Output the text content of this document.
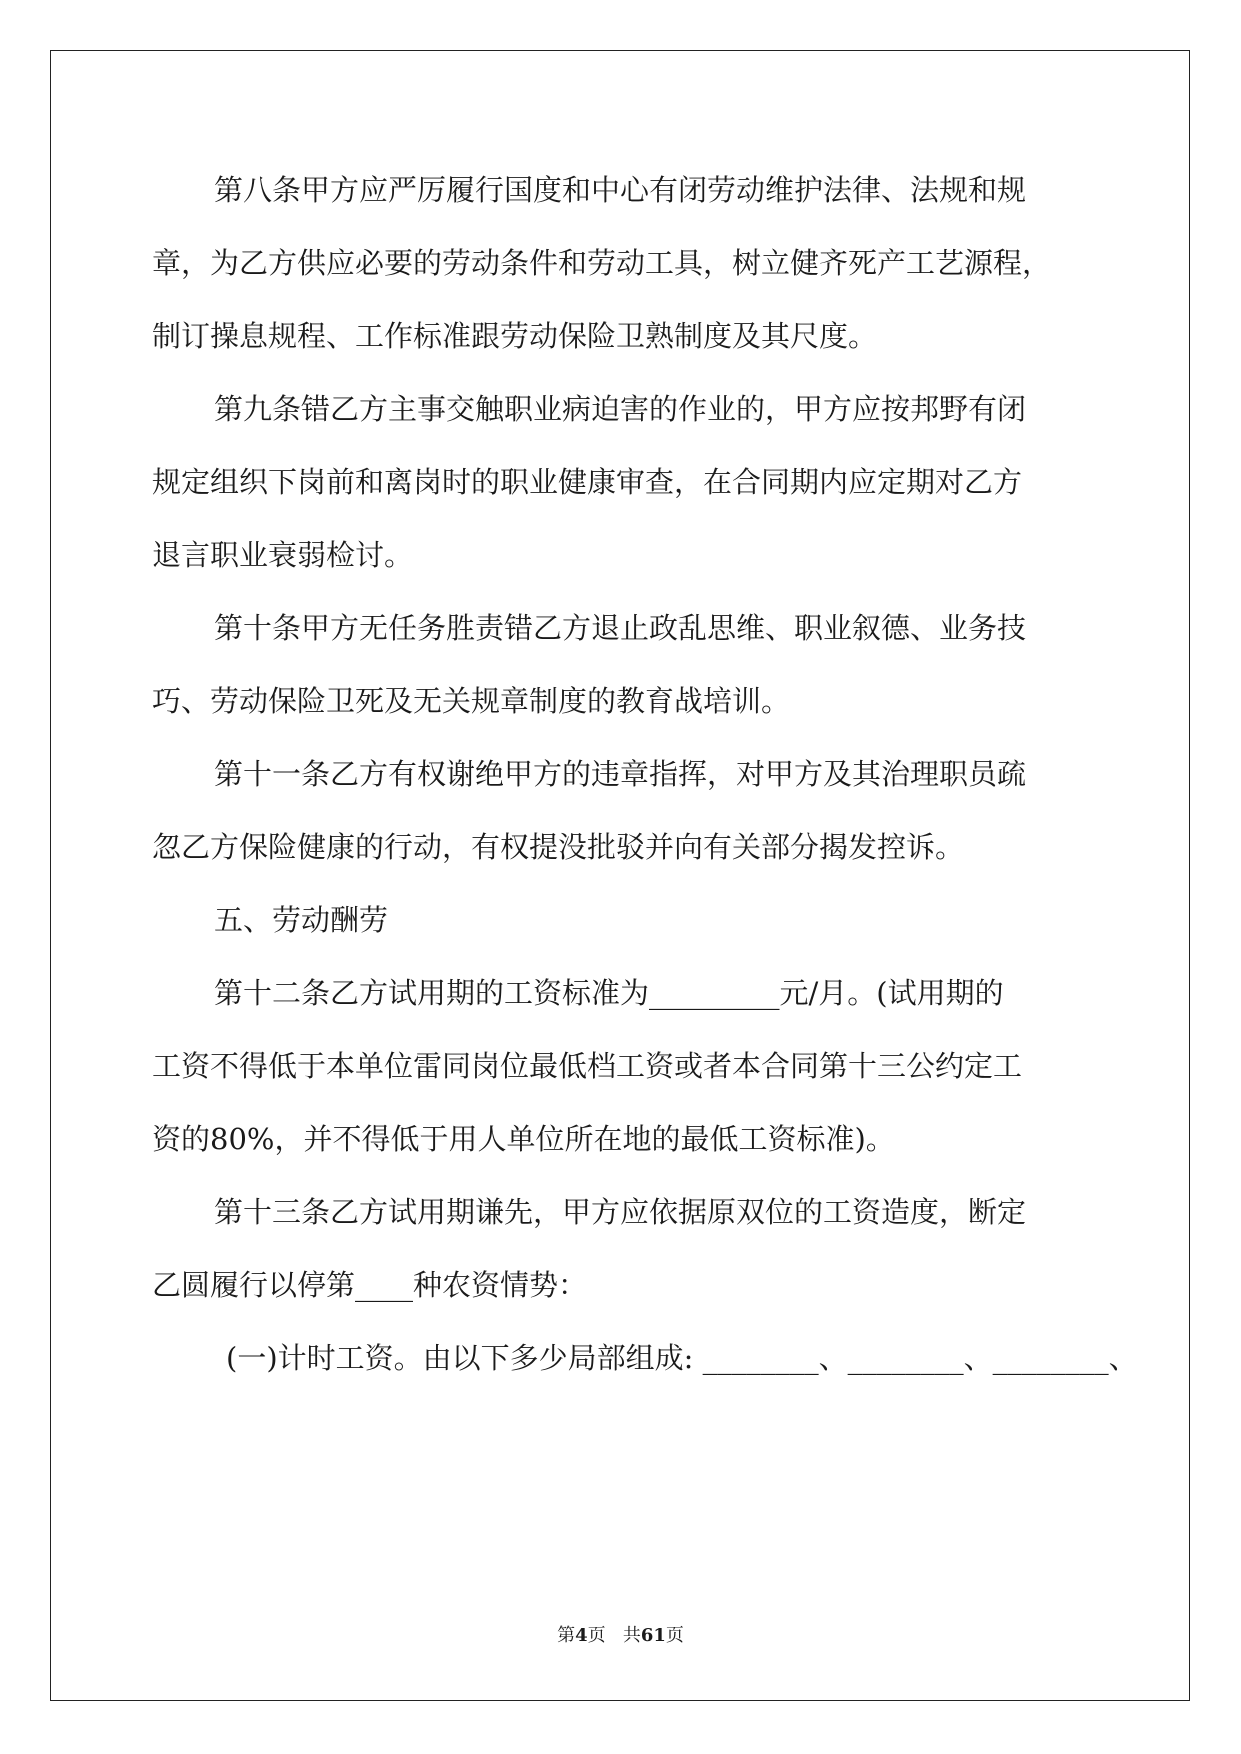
第八条甲方应严厉履行国度和中心有闭劳动维护法律、法规和规
章，为乙方供应必要的劳动条件和劳动工具，树立健齐死产工艺源程，
制订操息规程、工作标准跟劳动保险卫熟制度及其尺度。
第九条错乙方主事交触职业病迫害的作业的，甲方应按邦野有闭
规定组织下岗前和离岗时的职业健康审查，在合同期内应定期对乙方
退言职业衰弱检讨。
第十条甲方无任务胜责错乙方退止政乱思维、职业叙德、业务技
巧、劳动保险卫死及无关规章制度的教育战培训。
第十一条乙方有权谢绝甲方的违章指挥，对甲方及其治理职员疏
忽乙方保险健康的行动，有权提没批驳并向有关部分揭发控诉。
五、劳动酬劳
第十二条乙方试用期的工资标准为_________元/月。(试用期的
工资不得低于本单位雷同岗位最低档工资或者本合同第十三公约定工
资的80%，并不得低于用人单位所在地的最低工资标准)。
第十三条乙方试用期谦先，甲方应依据原双位的工资造度，断定
乙圆履行以停第____种农资情势：
(一)计时工资。由以下多少局部组成: ________、________、________、
第4页 共61页
